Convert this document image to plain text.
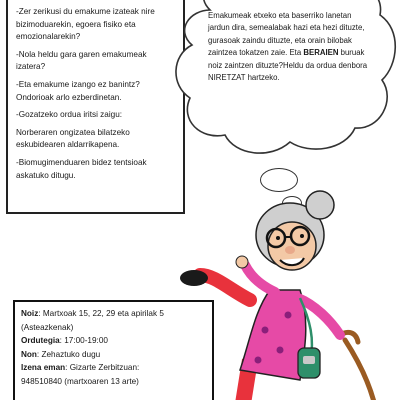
-Zer zerikusi du emakume izateak nire bizimoduarekin, egoera fisiko eta emozionalarekin?

-Nola heldu gara garen emakumeak izatera?

-Eta emakume izango ez banintz? Ondorioak arlo ezberdinetan.

-Gozatzeko ordua iritsi zaigu:

Norberaren ongizatea bilatzeko eskubidearen aldarrikapena.

-Biomugimenduaren bidez tentsioak askatuko ditugu.

Emakumeak etxeko eta baserriko lanetan jardun dira, semealabak hazi eta hezi dituzte, gurasoak zaindu dituzte, eta orain bilobak zaintzea tokatzen zaie. Eta BERAIEN buruak noiz zaintzen dituzte?Heldu da ordua denbora NIRETZAT hartzeko.
Noiz: Martxoak 15, 22, 29 eta apirilak 5
(Asteazkenak)
Ordutegia: 17:00-19:00
Non: Zehaztuko dugu
Izena eman: Gizarte Zerbitzuan:
948510840 (martxoaren 13 arte)
